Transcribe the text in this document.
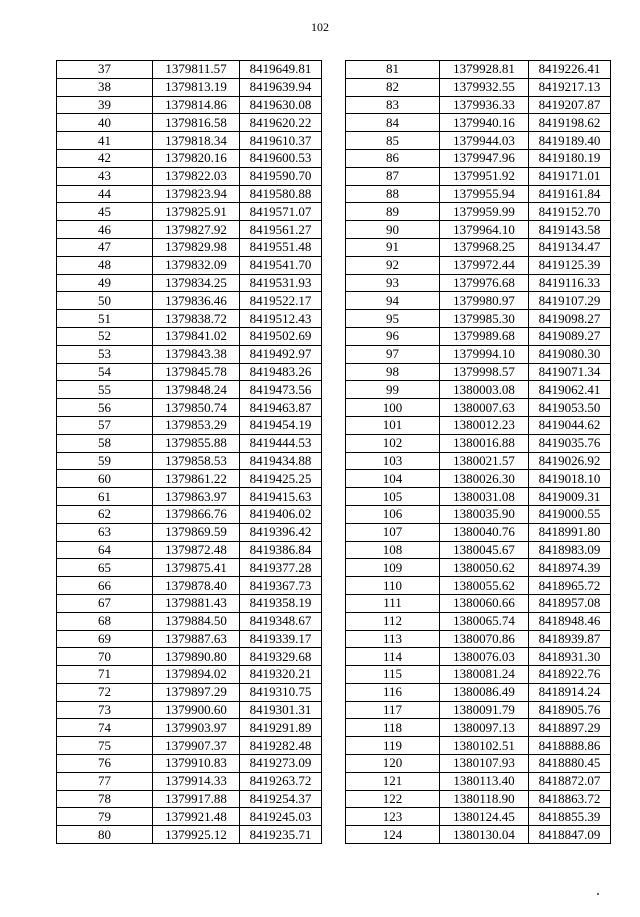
102
37	1379811.57	8419649.81
38	1379813.19	8419639.94
39	1379814.86	8419630.08
40	1379816.58	8419620.22
41	1379818.34	8419610.37
42	1379820.16	8419600.53
43	1379822.03	8419590.70
44	1379823.94	8419580.88
45	1379825.91	8419571.07
46	1379827.92	8419561.27
47	1379829.98	8419551.48
48	1379832.09	8419541.70
49	1379834.25	8419531.93
50	1379836.46	8419522.17
51	1379838.72	8419512.43
52	1379841.02	8419502.69
53	1379843.38	8419492.97
54	1379845.78	8419483.26
55	1379848.24	8419473.56
56	1379850.74	8419463.87
57	1379853.29	8419454.19
58	1379855.88	8419444.53
59	1379858.53	8419434.88
60	1379861.22	8419425.25
61	1379863.97	8419415.63
62	1379866.76	8419406.02
63	1379869.59	8419396.42
64	1379872.48	8419386.84
65	1379875.41	8419377.28
66	1379878.40	8419367.73
67	1379881.43	8419358.19
68	1379884.50	8419348.67
69	1379887.63	8419339.17
70	1379890.80	8419329.68
71	1379894.02	8419320.21
72	1379897.29	8419310.75
73	1379900.60	8419301.31
74	1379903.97	8419291.89
75	1379907.37	8419282.48
76	1379910.83	8419273.09
77	1379914.33	8419263.72
78	1379917.88	8419254.37
79	1379921.48	8419245.03
80	1379925.12	8419235.71
81	1379928.81	8419226.41
82	1379932.55	8419217.13
83	1379936.33	8419207.87
84	1379940.16	8419198.62
85	1379944.03	8419189.40
86	1379947.96	8419180.19
87	1379951.92	8419171.01
88	1379955.94	8419161.84
89	1379959.99	8419152.70
90	1379964.10	8419143.58
91	1379968.25	8419134.47
92	1379972.44	8419125.39
93	1379976.68	8419116.33
94	1379980.97	8419107.29
95	1379985.30	8419098.27
96	1379989.68	8419089.27
97	1379994.10	8419080.30
98	1379998.57	8419071.34
99	1380003.08	8419062.41
100	1380007.63	8419053.50
101	1380012.23	8419044.62
102	1380016.88	8419035.76
103	1380021.57	8419026.92
104	1380026.30	8419018.10
105	1380031.08	8419009.31
106	1380035.90	8419000.55
107	1380040.76	8418991.80
108	1380045.67	8418983.09
109	1380050.62	8418974.39
110	1380055.62	8418965.72
111	1380060.66	8418957.08
112	1380065.74	8418948.46
113	1380070.86	8418939.87
114	1380076.03	8418931.30
115	1380081.24	8418922.76
116	1380086.49	8418914.24
117	1380091.79	8418905.76
118	1380097.13	8418897.29
119	1380102.51	8418888.86
120	1380107.93	8418880.45
121	1380113.40	8418872.07
122	1380118.90	8418863.72
123	1380124.45	8418855.39
124	1380130.04	8418847.09
